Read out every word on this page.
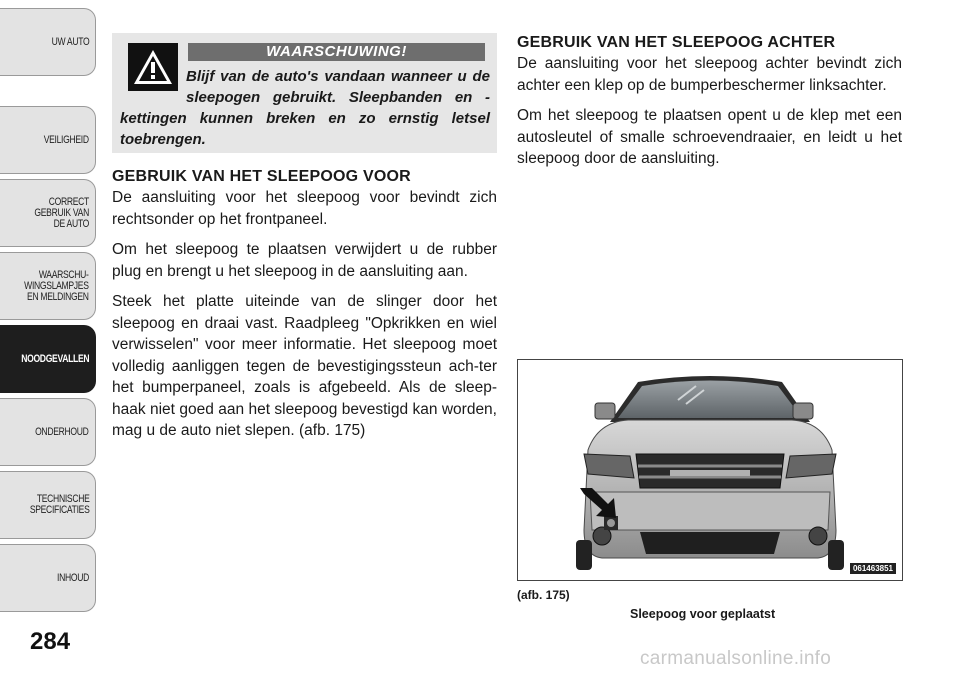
UW AUTO
VEILIGHEID
CORRECT
GEBRUIK VAN
DE AUTO
WAARSCHU-
WINGSLAMPJES
EN MELDINGEN
NOODGEVALLEN
ONDERHOUD
TECHNISCHE
SPECIFICATIES
INHOUD
284
WAARSCHUWING!
Blijf van de auto's vandaan wanneer u de sleepogen gebruikt. Sleepbanden en -kettingen kunnen breken en zo ernstig letsel toebrengen.
GEBRUIK VAN HET SLEEPOOG VOOR

De aansluiting voor het sleepoog voor bevindt zich rechtsonder op het frontpaneel.

Om het sleepoog te plaatsen verwijdert u de rubber plug en brengt u het sleepoog in de aansluiting aan.

Steek het platte uiteinde van de slinger door het sleepoog en draai vast. Raadpleeg "Opkrikken en wiel verwisselen" voor meer informatie. Het sleepoog moet volledig aanliggen tegen de bevestigingssteun ach-ter het bumperpaneel, zoals is afgebeeld. Als de sleep-haak niet goed aan het sleepoog bevestigd kan worden, mag u de auto niet slepen. (afb. 175)

GEBRUIK VAN HET SLEEPOOG ACHTER

De aansluiting voor het sleepoog achter bevindt zich achter een klep op de bumperbeschermer linksachter.

Om het sleepoog te plaatsen opent u de klep met een autosleutel of smalle schroevendraaier, en leidt u het sleepoog door de aansluiting.

061463851
(afb. 175)
Sleepoog voor geplaatst
carmanualsonline.info
